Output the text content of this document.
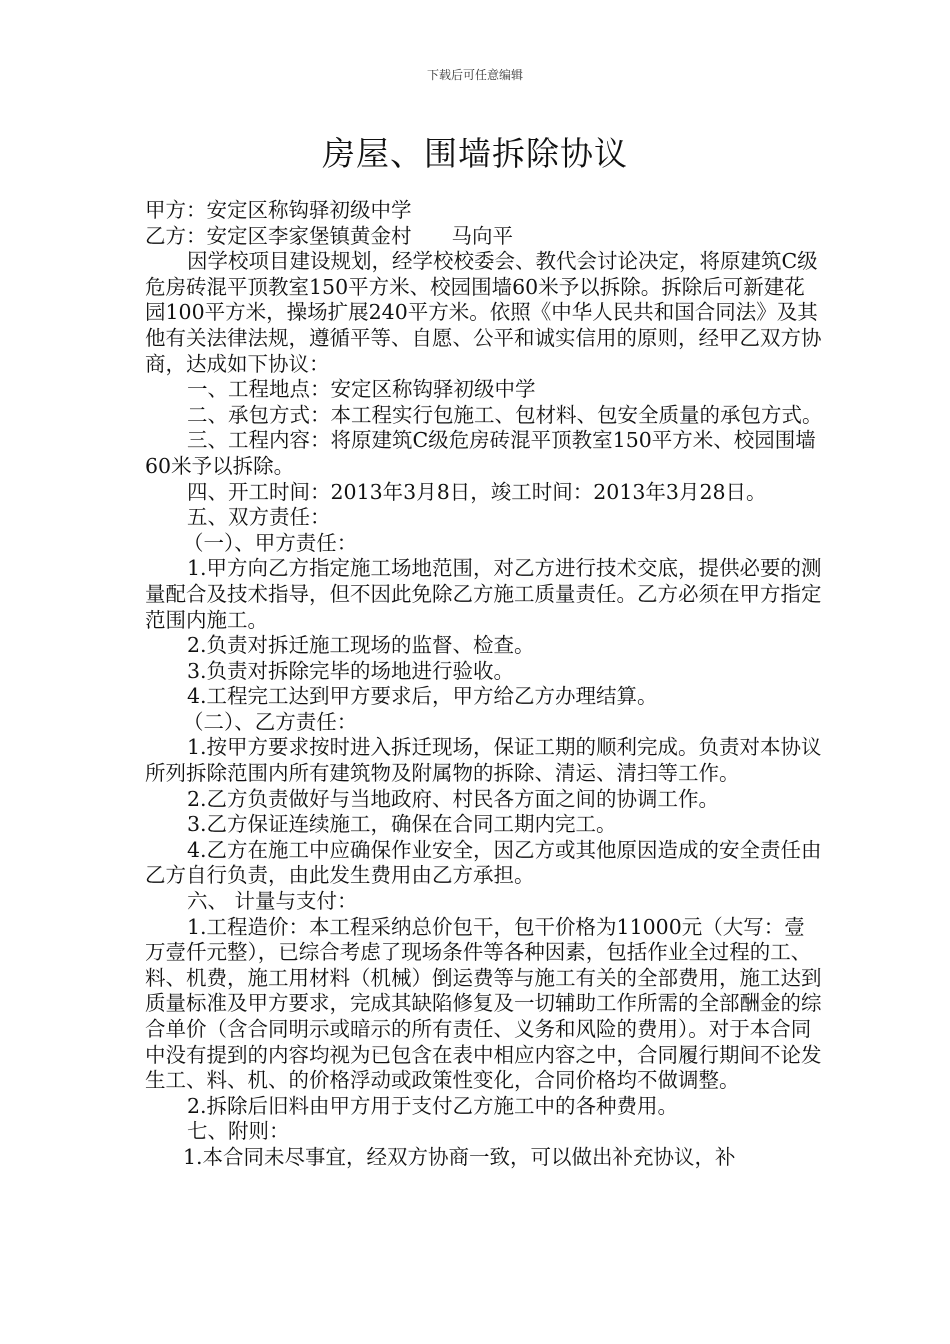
下载后可任意编辑
房屋、围墙拆除协议

甲方：安定区称钩驿初级中学

乙方：安定区李家堡镇黄金村 马向平

因学校项目建设规划，经学校校委会、教代会讨论决定，将原建筑C级危房砖混平顶教室150平方米、校园围墙60米予以拆除。拆除后可新建花园100平方米，操场扩展240平方米。依照《中华人民共和国合同法》及其他有关法律法规，遵循平等、自愿、公平和诚实信用的原则，经甲乙双方协商，达成如下协议：

一、工程地点：安定区称钩驿初级中学

二、承包方式：本工程实行包施工、包材料、包安全质量的承包方式。

三、工程内容：将原建筑C级危房砖混平顶教室150平方米、校园围墙60米予以拆除。

四、开工时间：2013年3月8日，竣工时间：2013年3月28日。

五、双方责任：

（一）、甲方责任：

1.甲方向乙方指定施工场地范围，对乙方进行技术交底，提供必要的测量配合及技术指导，但不因此免除乙方施工质量责任。乙方必须在甲方指定范围内施工。

2.负责对拆迁施工现场的监督、检查。

3.负责对拆除完毕的场地进行验收。

4.工程完工达到甲方要求后，甲方给乙方办理结算。

（二）、乙方责任：

1.按甲方要求按时进入拆迁现场，保证工期的顺利完成。负责对本协议所列拆除范围内所有建筑物及附属物的拆除、清运、清扫等工作。

2.乙方负责做好与当地政府、村民各方面之间的协调工作。

3.乙方保证连续施工，确保在合同工期内完工。

4.乙方在施工中应确保作业安全，因乙方或其他原因造成的安全责任由乙方自行负责，由此发生费用由乙方承担。

六、 计量与支付：

1.工程造价：本工程采纳总价包干，包干价格为11000元（大写：壹万壹仟元整），已综合考虑了现场条件等各种因素，包括作业全过程的工、料、机费，施工用材料（机械）倒运费等与施工有关的全部费用，施工达到质量标准及甲方要求，完成其缺陷修复及一切辅助工作所需的全部酬金的综合单价（含合同明示或暗示的所有责任、义务和风险的费用）。对于本合同中没有提到的内容均视为已包含在表中相应内容之中，合同履行期间不论发生工、料、机、的价格浮动或政策性变化，合同价格均不做调整。

2.拆除后旧料由甲方用于支付乙方施工中的各种费用。

七、附则：

1.本合同未尽事宜，经双方协商一致，可以做出补充协议，补
